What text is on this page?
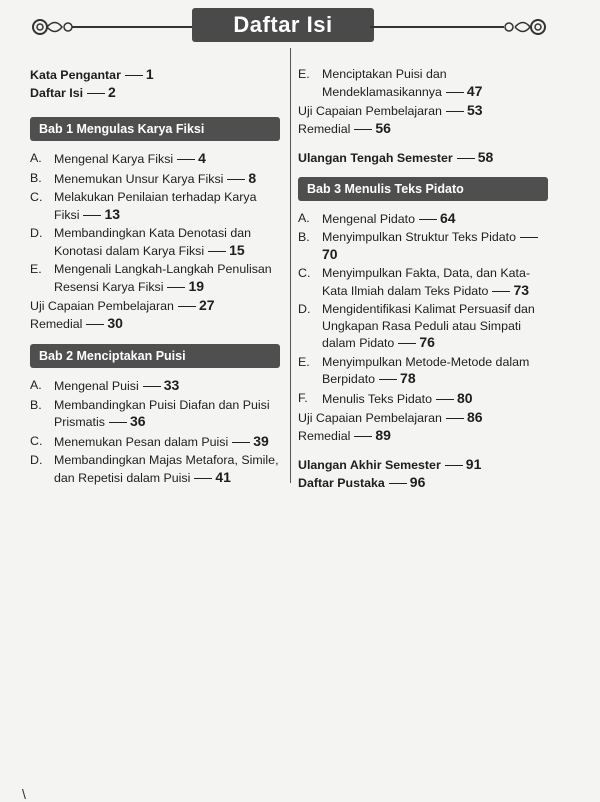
Daftar Isi
Kata Pengantar 1
Daftar Isi 2
Bab 1 Mengulas Karya Fiksi
A. Mengenal Karya Fiksi 4
B. Menemukan Unsur Karya Fiksi 8
C. Melakukan Penilaian terhadap Karya Fiksi 13
D. Membandingkan Kata Denotasi dan Konotasi dalam Karya Fiksi 15
E. Mengenali Langkah-Langkah Penulisan Resensi Karya Fiksi 19
Uji Capaian Pembelajaran 27
Remedial 30
Bab 2 Menciptakan Puisi
A. Mengenal Puisi 33
B. Membandingkan Puisi Diafan dan Puisi Prismatis 36
C. Menemukan Pesan dalam Puisi 39
D. Membandingkan Majas Metafora, Simile, dan Repetisi dalam Puisi 41
E. Menciptakan Puisi dan Mendeklamasikannya 47
Uji Capaian Pembelajaran 53
Remedial 56
Ulangan Tengah Semester 58
Bab 3 Menulis Teks Pidato
A. Mengenal Pidato 64
B. Menyimpulkan Struktur Teks Pidato70
C. Menyimpulkan Fakta, Data, dan Kata-Kata Ilmiah dalam Teks Pidato 73
D. Mengidentifikasi Kalimat Persuasif dan Ungkapan Rasa Peduli atau Simpati dalam Pidato 76
E. Menyimpulkan Metode-Metode dalam Berpidato 78
F.	Menulis Teks Pidato 80
Uji Capaian Pembelajaran 86
Remedial 89
Ulangan Akhir Semester 91
Daftar Pustaka 96
\
